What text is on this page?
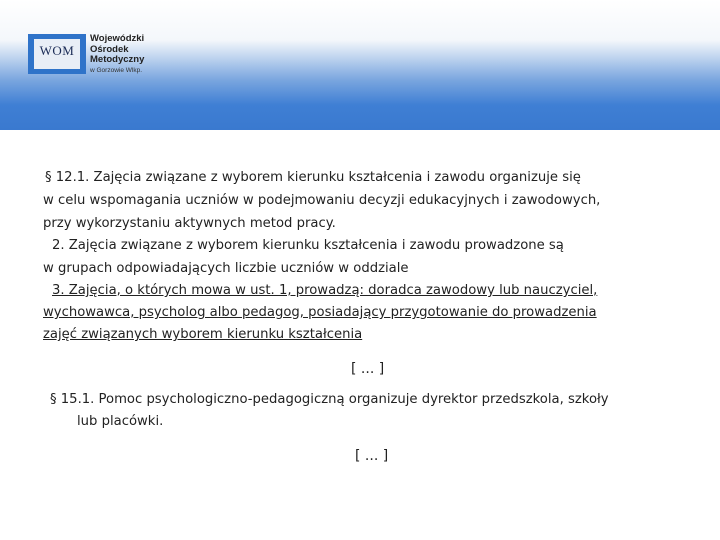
WOM
Wojewódzki
Ośrodek
Metodyczny
w Gorzowie Wlkp.
§ 12.1. Zajęcia związane z wyborem kierunku kształcenia i zawodu organizuje się
w celu wspomagania uczniów w podejmowaniu decyzji edukacyjnych i zawodowych,
przy wykorzystaniu aktywnych metod pracy.
2. Zajęcia związane z wyborem kierunku kształcenia i zawodu prowadzone są
w grupach odpowiadających liczbie uczniów w oddziale
3. Zajęcia, o których mowa w ust. 1, prowadzą: doradca zawodowy lub nauczyciel,
wychowawca, psycholog albo pedagog, posiadający przygotowanie do prowadzenia
zajęć związanych wyborem kierunku kształcenia
[ ... ]
§ 15.1. Pomoc psychologiczno-pedagogiczną organizuje dyrektor przedszkola, szkoły
lub placówki.
[ ... ]
